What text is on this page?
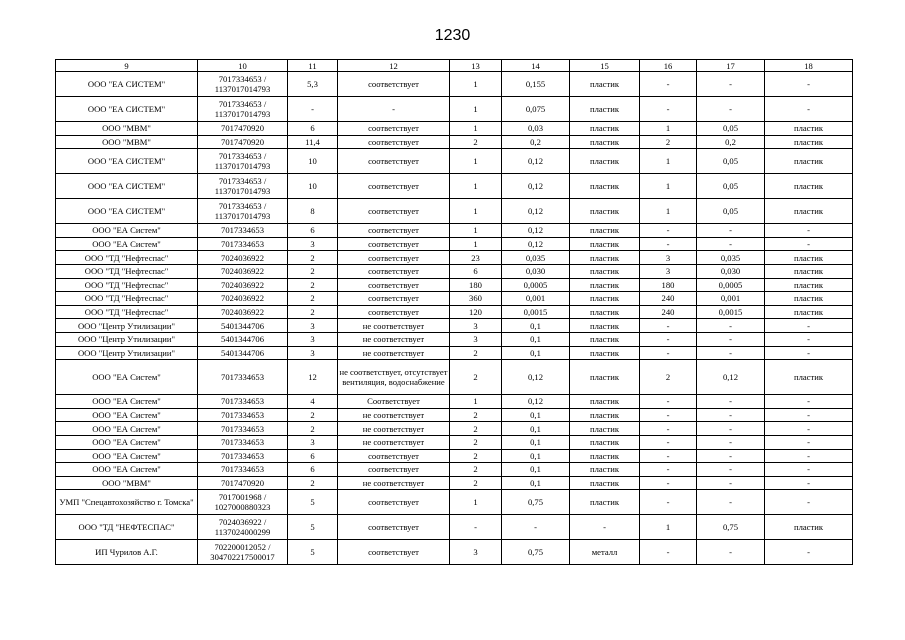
1230
9	10	11	12	13	14	15	16	17	18
ООО "ЕА СИСТЕМ"	7017334653 / 1137017014793	5,3	соответствует	1	0,155	пластик	-	-	-
ООО "ЕА СИСТЕМ"	7017334653 / 1137017014793	-	-	1	0,075	пластик	-	-	-
ООО "МВМ"	7017470920	6	соответствует	1	0,03	пластик	1	0,05	пластик
ООО "МВМ"	7017470920	11,4	соответствует	2	0,2	пластик	2	0,2	пластик
ООО "ЕА СИСТЕМ"	7017334653 / 1137017014793	10	соответствует	1	0,12	пластик	1	0,05	пластик
ООО "ЕА СИСТЕМ"	7017334653 / 1137017014793	10	соответствует	1	0,12	пластик	1	0,05	пластик
ООО "ЕА СИСТЕМ"	7017334653 / 1137017014793	8	соответствует	1	0,12	пластик	1	0,05	пластик
ООО "ЕА Систем"	7017334653	6	соответствует	1	0,12	пластик	-	-	-
ООО "ЕА Систем"	7017334653	3	соответствует	1	0,12	пластик	-	-	-
ООО "ТД "Нефтеспас"	7024036922	2	соответствует	23	0,035	пластик	3	0,035	пластик
ООО "ТД "Нефтеспас"	7024036922	2	соответствует	6	0,030	пластик	3	0,030	пластик
ООО "ТД "Нефтеспас"	7024036922	2	соответствует	180	0,0005	пластик	180	0,0005	пластик
ООО "ТД "Нефтеспас"	7024036922	2	соответствует	360	0,001	пластик	240	0,001	пластик
ООО "ТД "Нефтеспас"	7024036922	2	соответствует	120	0,0015	пластик	240	0,0015	пластик
ООО "Центр Утилизации"	5401344706	3	не соответствует	3	0,1	пластик	-	-	-
ООО "Центр Утилизации"	5401344706	3	не соответствует	3	0,1	пластик	-	-	-
ООО "Центр Утилизации"	5401344706	3	не соответствует	2	0,1	пластик	-	-	-
ООО "ЕА Систем"	7017334653	12	не соответствует, отсутствует вентиляция, водоснабжение	2	0,12	пластик	2	0,12	пластик
ООО "ЕА Систем"	7017334653	4	Соответствует	1	0,12	пластик	-	-	-
ООО "ЕА Систем"	7017334653	2	не соответствует	2	0,1	пластик	-	-	-
ООО "ЕА Систем"	7017334653	2	не соответствует	2	0,1	пластик	-	-	-
ООО "ЕА Систем"	7017334653	3	не соответствует	2	0,1	пластик	-	-	-
ООО "ЕА Систем"	7017334653	6	соответствует	2	0,1	пластик	-	-	-
ООО "ЕА Систем"	7017334653	6	соответствует	2	0,1	пластик	-	-	-
ООО "МВМ"	7017470920	2	не соответствует	2	0,1	пластик	-	-	-
УМП "Спецавтохозяйство г. Томска"	7017001968 / 1027000880323	5	соответствует	1	0,75	пластик	-	-	-
ООО "ТД "НЕФТЕСПАС"	7024036922 / 1137024000299	5	соответствует	-	-	-	1	0,75	пластик
ИП Чурилов А.Г.	702200012052 / 304702217500017	5	соответствует	3	0,75	металл	-	-	-
